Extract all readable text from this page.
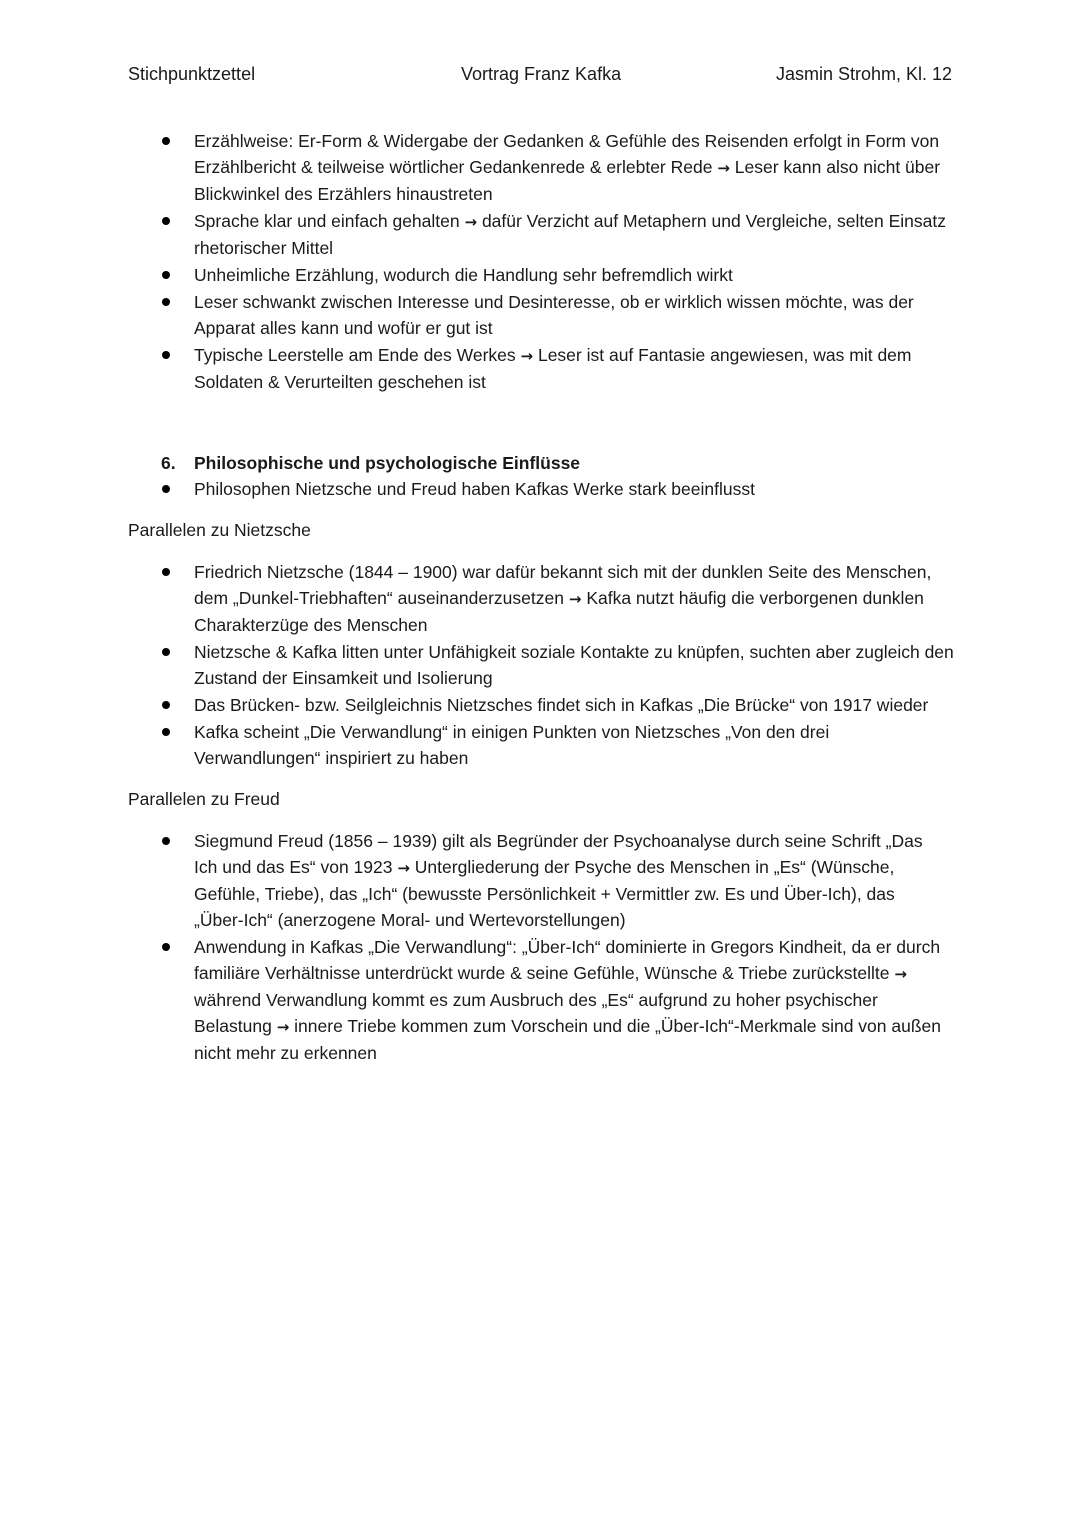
Stichpunktzettel	Vortrag Franz Kafka	Jasmin Strohm, Kl. 12
Erzählweise: Er-Form & Widergabe der Gedanken & Gefühle des Reisenden erfolgt in Form von Erzählbericht & teilweise wörtlicher Gedankenrede & erlebter Rede → Leser kann also nicht über Blickwinkel des Erzählers hinaustreten
Sprache klar und einfach gehalten → dafür Verzicht auf Metaphern und Vergleiche, selten Einsatz rhetorischer Mittel
Unheimliche Erzählung, wodurch die Handlung sehr befremdlich wirkt
Leser schwankt zwischen Interesse und Desinteresse, ob er wirklich wissen möchte, was der Apparat alles kann und wofür er gut ist
Typische Leerstelle am Ende des Werkes → Leser ist auf Fantasie angewiesen, was mit dem Soldaten & Verurteilten geschehen ist
6. Philosophische und psychologische Einflüsse
Philosophen Nietzsche und Freud haben Kafkas Werke stark beeinflusst
Parallelen zu Nietzsche
Friedrich Nietzsche (1844 – 1900) war dafür bekannt sich mit der dunklen Seite des Menschen, dem „Dunkel-Triebhaften“ auseinanderzusetzen → Kafka nutzt häufig die verborgenen dunklen Charakterzüge des Menschen
Nietzsche & Kafka litten unter Unfähigkeit soziale Kontakte zu knüpfen, suchten aber zugleich den Zustand der Einsamkeit und Isolierung
Das Brücken- bzw. Seilgleichnis Nietzsches findet sich in Kafkas „Die Brücke“ von 1917 wieder
Kafka scheint „Die Verwandlung“ in einigen Punkten von Nietzsches „Von den drei Verwandlungen“ inspiriert zu haben
Parallelen zu Freud
Siegmund Freud (1856 – 1939) gilt als Begründer der Psychoanalyse durch seine Schrift „Das Ich und das Es“ von 1923 → Untergliederung der Psyche des Menschen in „Es“ (Wünsche, Gefühle, Triebe), das „Ich“ (bewusste Persönlichkeit + Vermittler zw. Es und Über-Ich), das „Über-Ich“ (anerzogene Moral- und Wertevorstellungen)
Anwendung in Kafkas „Die Verwandlung“: „Über-Ich“ dominierte in Gregors Kindheit, da er durch familiäre Verhältnisse unterdrückt wurde & seine Gefühle, Wünsche & Triebe zurückstellte → während Verwandlung kommt es zum Ausbruch des „Es“ aufgrund zu hoher psychischer Belastung → innere Triebe kommen zum Vorschein und die „Über-Ich“-Merkmale sind von außen nicht mehr zu erkennen
